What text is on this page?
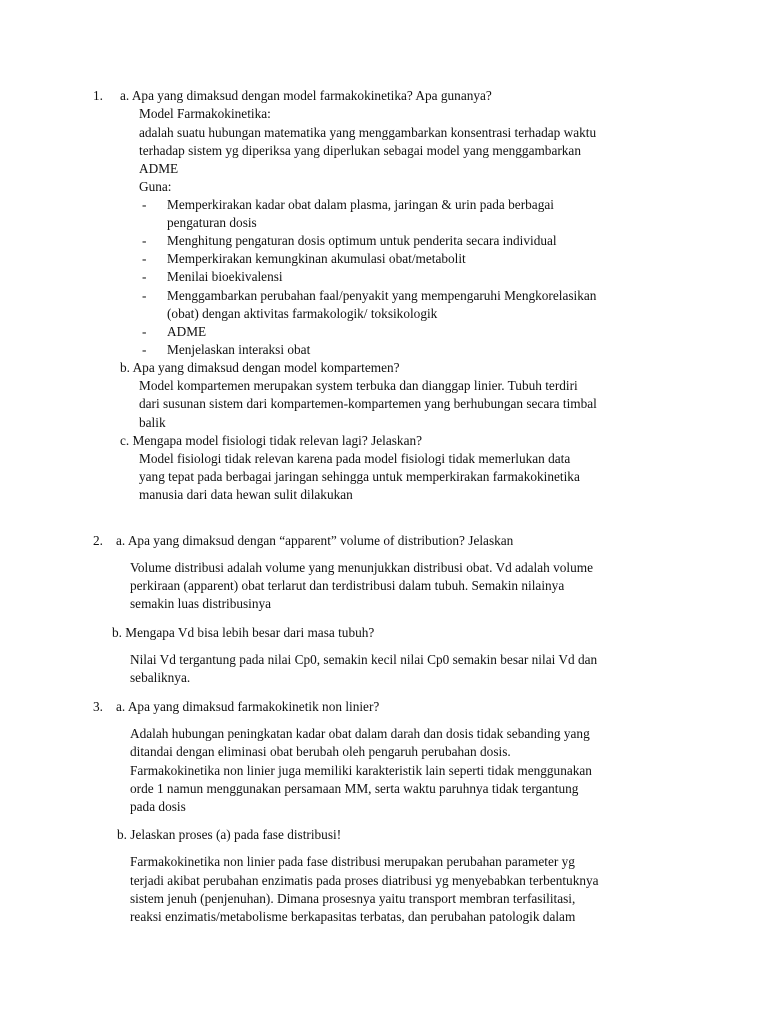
1. a. Apa yang dimaksud dengan model farmakokinetika? Apa gunanya?
Model Farmakokinetika:
adalah suatu hubungan matematika yang menggambarkan konsentrasi terhadap waktu
terhadap sistem yg diperiksa yang diperlukan sebagai model yang menggambarkan
ADME
Guna:
- Memperkirakan kadar obat dalam plasma, jaringan & urin pada berbagai
pengaturan dosis
- Menghitung pengaturan dosis optimum untuk penderita secara individual
- Memperkirakan kemungkinan akumulasi obat/metabolit
- Menilai bioekivalensi
- Menggambarkan perubahan faal/penyakit yang mempengaruhi Mengkorelasikan
(obat) dengan aktivitas farmakologik/ toksikologik
- ADME
- Menjelaskan interaksi obat
b. Apa yang dimaksud dengan model kompartemen?
Model kompartemen merupakan system terbuka dan dianggap linier. Tubuh terdiri
dari susunan sistem dari kompartemen-kompartemen yang berhubungan secara timbal
balik
c. Mengapa model fisiologi tidak relevan lagi? Jelaskan?
Model fisiologi tidak relevan karena pada model fisiologi tidak memerlukan data
yang tepat pada berbagai jaringan sehingga untuk memperkirakan farmakokinetika
manusia dari data hewan sulit dilakukan
2. a. Apa yang dimaksud dengan “apparent” volume of distribution? Jelaskan
Volume distribusi adalah volume yang menunjukkan distribusi obat. Vd adalah volume
perkiraan (apparent) obat terlarut dan terdistribusi dalam tubuh. Semakin nilainya
semakin luas distribusinya
b. Mengapa Vd bisa lebih besar dari masa tubuh?
Nilai Vd tergantung pada nilai Cp0, semakin kecil nilai Cp0 semakin besar nilai Vd dan
sebaliknya.
3. a. Apa yang dimaksud farmakokinetik non linier?
Adalah hubungan peningkatan kadar obat dalam darah dan dosis tidak sebanding yang
ditandai dengan eliminasi obat berubah oleh pengaruh perubahan dosis.
Farmakokinetika non linier juga memiliki karakteristik lain seperti tidak menggunakan
orde 1 namun menggunakan persamaan MM, serta waktu paruhnya tidak tergantung
pada dosis
b. Jelaskan proses (a) pada fase distribusi!
Farmakokinetika non linier pada fase distribusi merupakan perubahan parameter yg
terjadi akibat perubahan enzimatis pada proses diatribusi yg menyebabkan terbentuknya
sistem jenuh (penjenuhan). Dimana prosesnya yaitu transport membran terfasilitasi,
reaksi enzimatis/metabolisme berkapasitas terbatas, dan perubahan patologik dalam
